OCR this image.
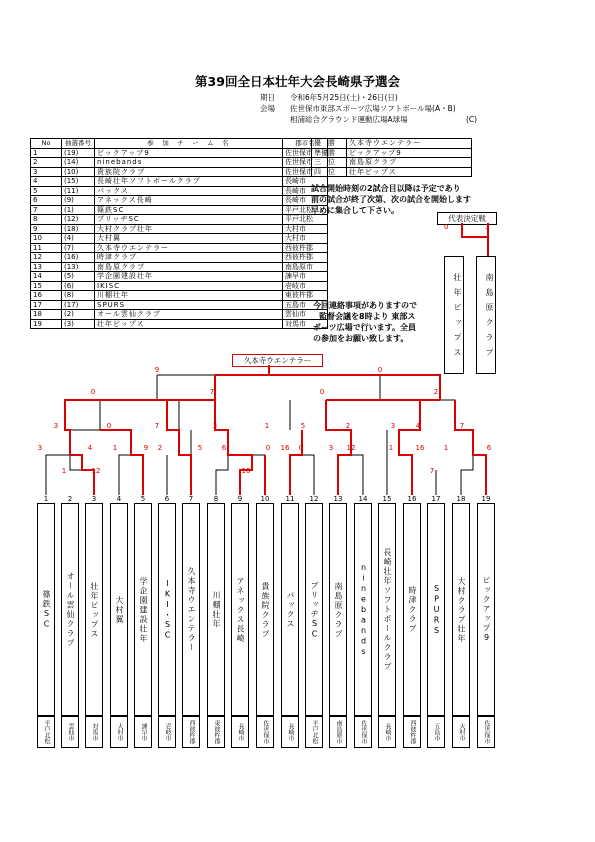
第39回全日本壮年大会長崎県予選会
期日 令和6年5月25日(土)・26日(日)
会場 佐世保市東部スポーツ広場ソフトボール場(A・B)
相浦総合グラウンド運動広場A球場	(C)
No	抽選番号	参　加　チ　ー　ム　名	郡市名
1	(19)	ピックアップ9	佐世保市
2	(14)	ninebands	佐世保市
3	(10)	貴族院クラブ	佐世保市
4	(15)	長崎壮年ソフトボールクラブ	長崎市
5	(11)	パックス	長崎市
6	(9)	アネックス長崎	長崎市
7	(1)	篠鉄SC	平戸北松
8	(12)	ブリッヂSC	平戸北松
9	(18)	大村クラブ壮年	大村市
10	(4)	大村翼	大村市
11	(7)	久本寺ウエンテラー	西彼杵郡
12	(16)	時津クラブ	西彼杵郡
13	(13)	南島原クラブ	南島原市
14	(5)	学企園建設壮年	諫早市
15	(6)	IKISC	壱岐市
16	(8)	川棚壮年	東彼杵郡
17	(17)	SPURS	五島市
18	(2)	オール雲仙クラブ	雲仙市
19	(3)	壮年ビップス	対馬市
優　勝	久本寺ウエンテラー
準優勝	ピックアップ9
三　位	南島原クラブ
四　位	壮年ビップス
試合開始時刻の2試合目以降は予定であり
前の試合が終了次第、次の試合を開始します
早めに集合して下さい。
今回連絡事項がありますので
監督会議を8時より 東部ス
ポーツ広場で行います。全員
の参加をお願い致します。
代表決定戦
0	3
壮年ビップス	南島原クラブ
久本寺ウエンテラー
9	0
0	7	0	2
3	0	7	3	1	5	2	3	4	7
3	4	1	9	2	5	6	0	16	0	3	12	1	16	1	6
1	12	10	7
1
篠鉄SC
平戸北松
2
オール雲仙クラブ
雲仙市
3
壮年ビップス
対馬市
4
大村翼
大村市
5
学企園建設壮年
諫早市
6
IKI・SC
壱岐市
7
久本寺ウエンテラー
西彼杵郡
8
川棚壮年
東彼杵郡
9
アネックス長崎
長崎市
10
貴族院クラブ
佐世保市
11
パックス
長崎市
12
ブリッヂSC
平戸北松
13
南島原クラブ
南島原市
14
ninebands
佐世保市
15
長崎壮年ソフトボールクラブ
長崎市
16
時津クラブ
西彼杵郡
17
SPURS
五島市
18
大村クラブ壮年
大村市
19
ピックアップ9
佐世保市
